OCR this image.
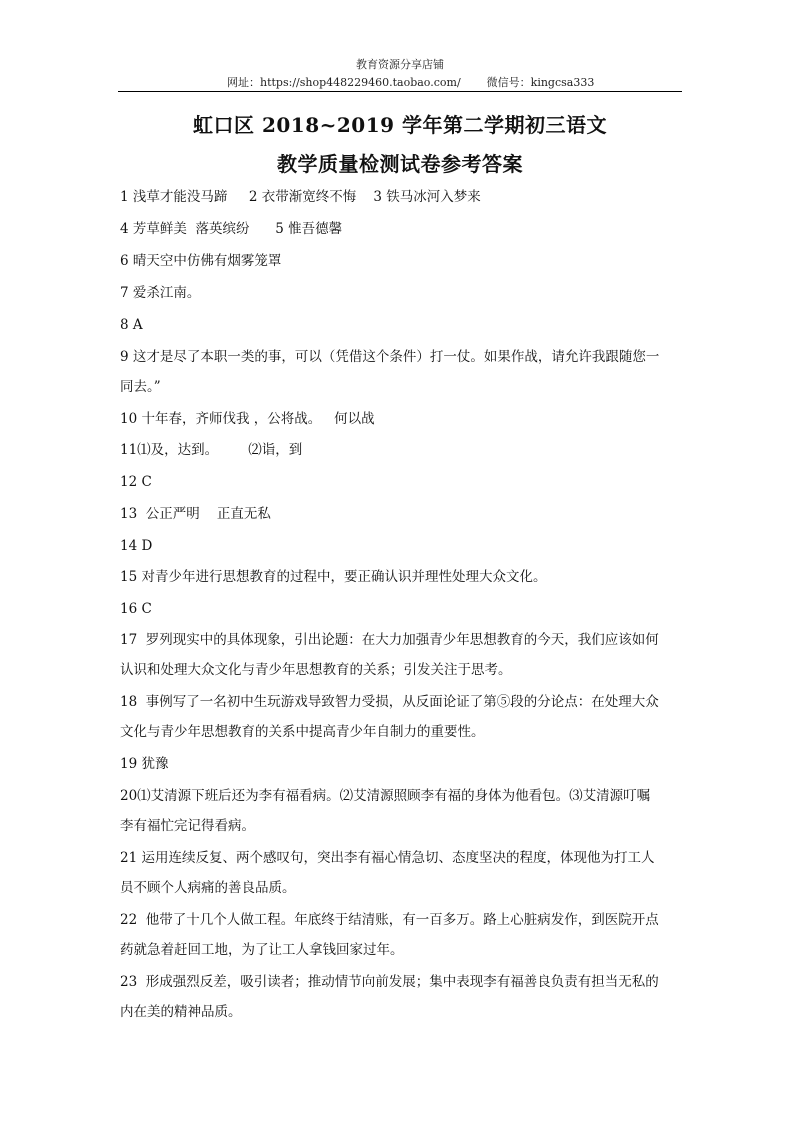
教育资源分享店铺
网址：https://shop448229460.taobao.com/ 微信号：kingcsa333
虹口区 2018~2019 学年第二学期初三语文
教学质量检测试卷参考答案
1 浅草才能没马蹄     2 衣带渐宽终不悔    3 铁马冰河入梦来
4 芳草鲜美  落英缤纷      5 惟吾德馨
6 晴天空中仿佛有烟雾笼罩
7 爱杀江南。
8 A
9 这才是尽了本职一类的事，可以（凭借这个条件）打一仗。如果作战，请允许我跟随您一
同去。”
10 十年春，齐师伐我 ，公将战。   何以战
11⑴及，达到。       ⑵诣，到
12 C
13  公正严明    正直无私
14 D
15 对青少年进行思想教育的过程中，要正确认识并理性处理大众文化。
16 C
17  罗列现实中的具体现象，引出论题：在大力加强青少年思想教育的今天，我们应该如何
认识和处理大众文化与青少年思想教育的关系；引发关注于思考。
18  事例写了一名初中生玩游戏导致智力受损，从反面论证了第⑤段的分论点：在处理大众
文化与青少年思想教育的关系中提高青少年自制力的重要性。
19 犹豫
20⑴艾清源下班后还为李有福看病。⑵艾清源照顾李有福的身体为他看包。⑶艾清源叮嘱
李有福忙完记得看病。
21 运用连续反复、两个感叹句，突出李有福心情急切、态度坚决的程度，体现他为打工人
员不顾个人病痛的善良品质。
22  他带了十几个人做工程。年底终于结清账，有一百多万。路上心脏病发作，到医院开点
药就急着赶回工地，为了让工人拿钱回家过年。
23  形成强烈反差，吸引读者；推动情节向前发展；集中表现李有福善良负责有担当无私的
内在美的精神品质。
